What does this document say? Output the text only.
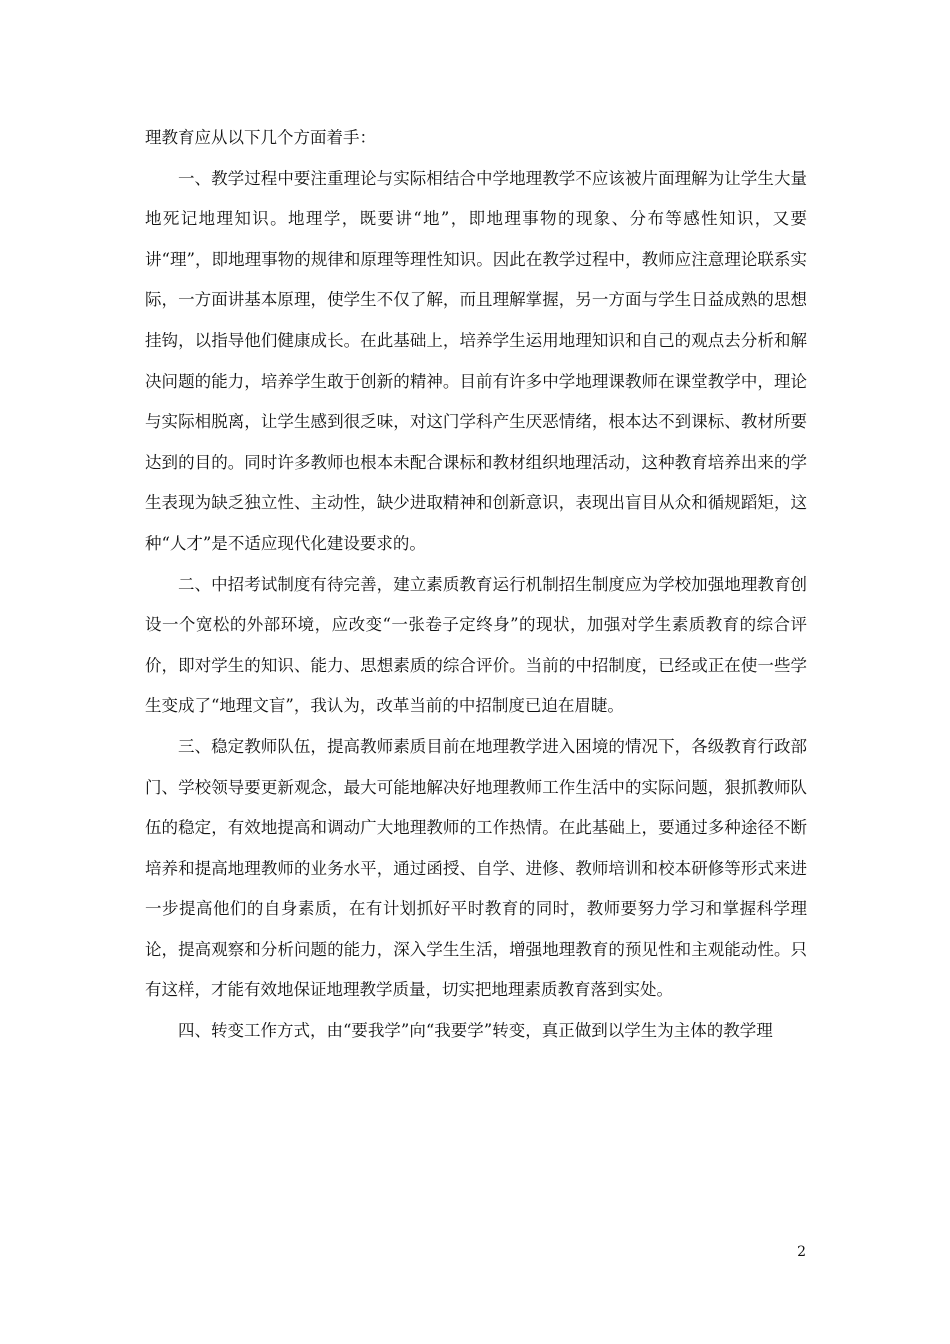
理教育应从以下几个方面着手：

一、教学过程中要注重理论与实际相结合中学地理教学不应该被片面理解为让学生大量地死记地理知识。地理学，既要讲“地”，即地理事物的现象、分布等感性知识，又要讲“理”，即地理事物的规律和原理等理性知识。因此在教学过程中，教师应注意理论联系实际，一方面讲基本原理，使学生不仅了解，而且理解掌握，另一方面与学生日益成熟的思想挂钩，以指导他们健康成长。在此基础上，培养学生运用地理知识和自己的观点去分析和解决问题的能力，培养学生敢于创新的精神。目前有许多中学地理课教师在课堂教学中，理论与实际相脱离，让学生感到很乏味，对这门学科产生厌恶情绪，根本达不到课标、教材所要达到的目的。同时许多教师也根本未配合课标和教材组织地理活动，这种教育培养出来的学生表现为缺乏独立性、主动性，缺少进取精神和创新意识，表现出盲目从众和循规蹈矩，这种“人才”是不适应现代化建设要求的。

二、中招考试制度有待完善，建立素质教育运行机制招生制度应为学校加强地理教育创设一个宽松的外部环境，应改变“一张卷子定终身”的现状，加强对学生素质教育的综合评价，即对学生的知识、能力、思想素质的综合评价。当前的中招制度，已经或正在使一些学生变成了“地理文盲”，我认为，改革当前的中招制度已迫在眉睫。

三、稳定教师队伍，提高教师素质目前在地理教学进入困境的情况下，各级教育行政部门、学校领导要更新观念，最大可能地解决好地理教师工作生活中的实际问题，狠抓教师队伍的稳定，有效地提高和调动广大地理教师的工作热情。在此基础上，要通过多种途径不断培养和提高地理教师的业务水平，通过函授、自学、进修、教师培训和校本研修等形式来进一步提高他们的自身素质，在有计划抓好平时教育的同时，教师要努力学习和掌握科学理论，提高观察和分析问题的能力，深入学生生活，增强地理教育的预见性和主观能动性。只有这样，才能有效地保证地理教学质量，切实把地理素质教育落到实处。

四、转变工作方式，由“要我学”向“我要学”转变，真正做到以学生为主体的教学理

2
